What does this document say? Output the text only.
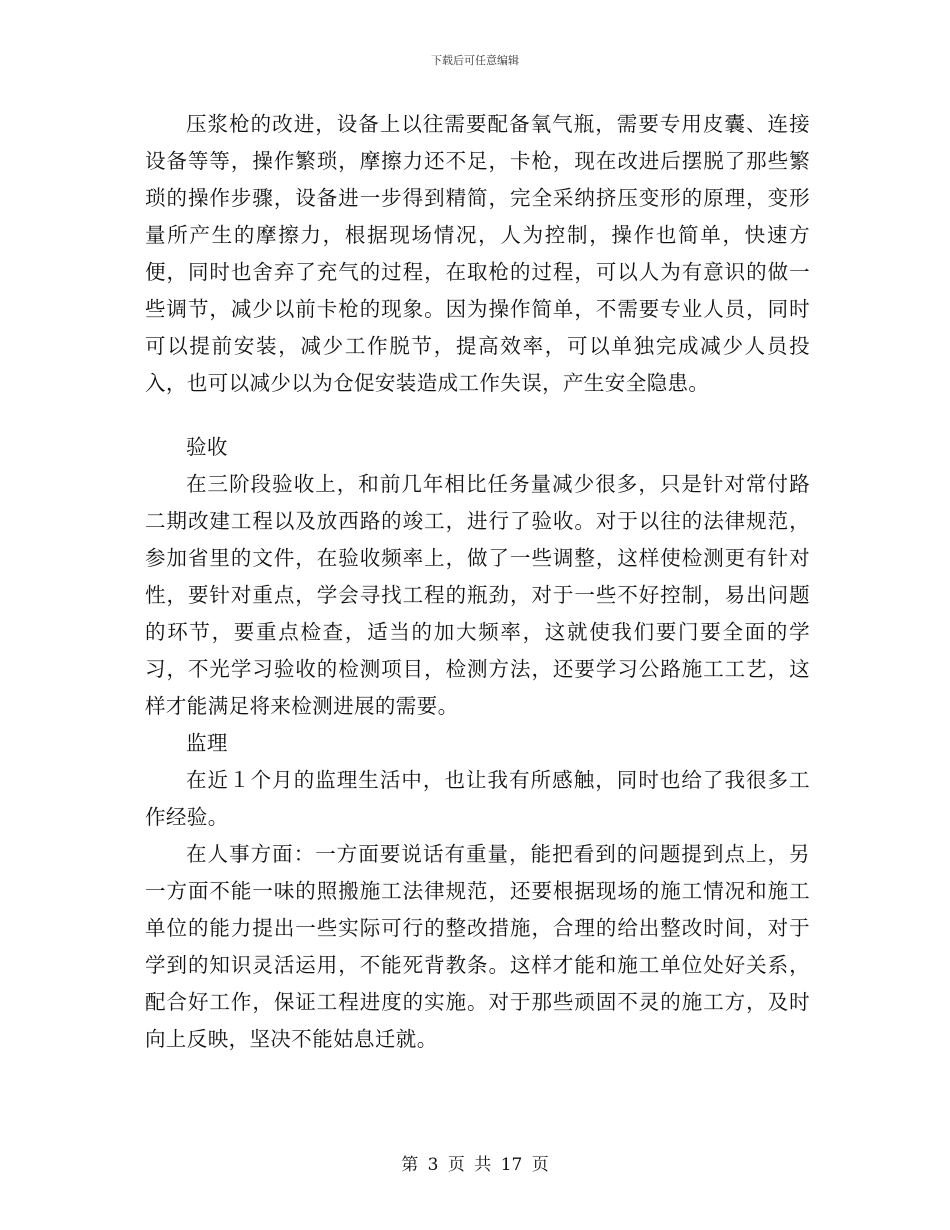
下载后可任意编辑

压浆枪的改进，设备上以往需要配备氧气瓶，需要专用皮囊、连接设备等等，操作繁琐，摩擦力还不足，卡枪，现在改进后摆脱了那些繁琐的操作步骤，设备进一步得到精简，完全采纳挤压变形的原理，变形量所产生的摩擦力，根据现场情况，人为控制，操作也简单，快速方便，同时也舍弃了充气的过程，在取枪的过程，可以人为有意识的做一些调节，减少以前卡枪的现象。因为操作简单，不需要专业人员，同时可以提前安装，减少工作脱节，提高效率，可以单独完成减少人员投入，也可以减少以为仓促安装造成工作失误，产生安全隐患。

验收

在三阶段验收上，和前几年相比任务量减少很多，只是针对常付路二期改建工程以及放西路的竣工，进行了验收。对于以往的法律规范，参加省里的文件，在验收频率上，做了一些调整，这样使检测更有针对性，要针对重点，学会寻找工程的瓶劲，对于一些不好控制，易出问题的环节，要重点检查，适当的加大频率，这就使我们要门要全面的学习，不光学习验收的检测项目，检测方法，还要学习公路施工工艺，这样才能满足将来检测进展的需要。

监理

在近１个月的监理生活中，也让我有所感触，同时也给了我很多工作经验。

在人事方面：一方面要说话有重量，能把看到的问题提到点上，另一方面不能一味的照搬施工法律规范，还要根据现场的施工情况和施工单位的能力提出一些实际可行的整改措施，合理的给出整改时间，对于学到的知识灵活运用，不能死背教条。这样才能和施工单位处好关系，配合好工作，保证工程进度的实施。对于那些顽固不灵的施工方，及时向上反映，坚决不能姑息迁就。

第 3 页 共 17 页
